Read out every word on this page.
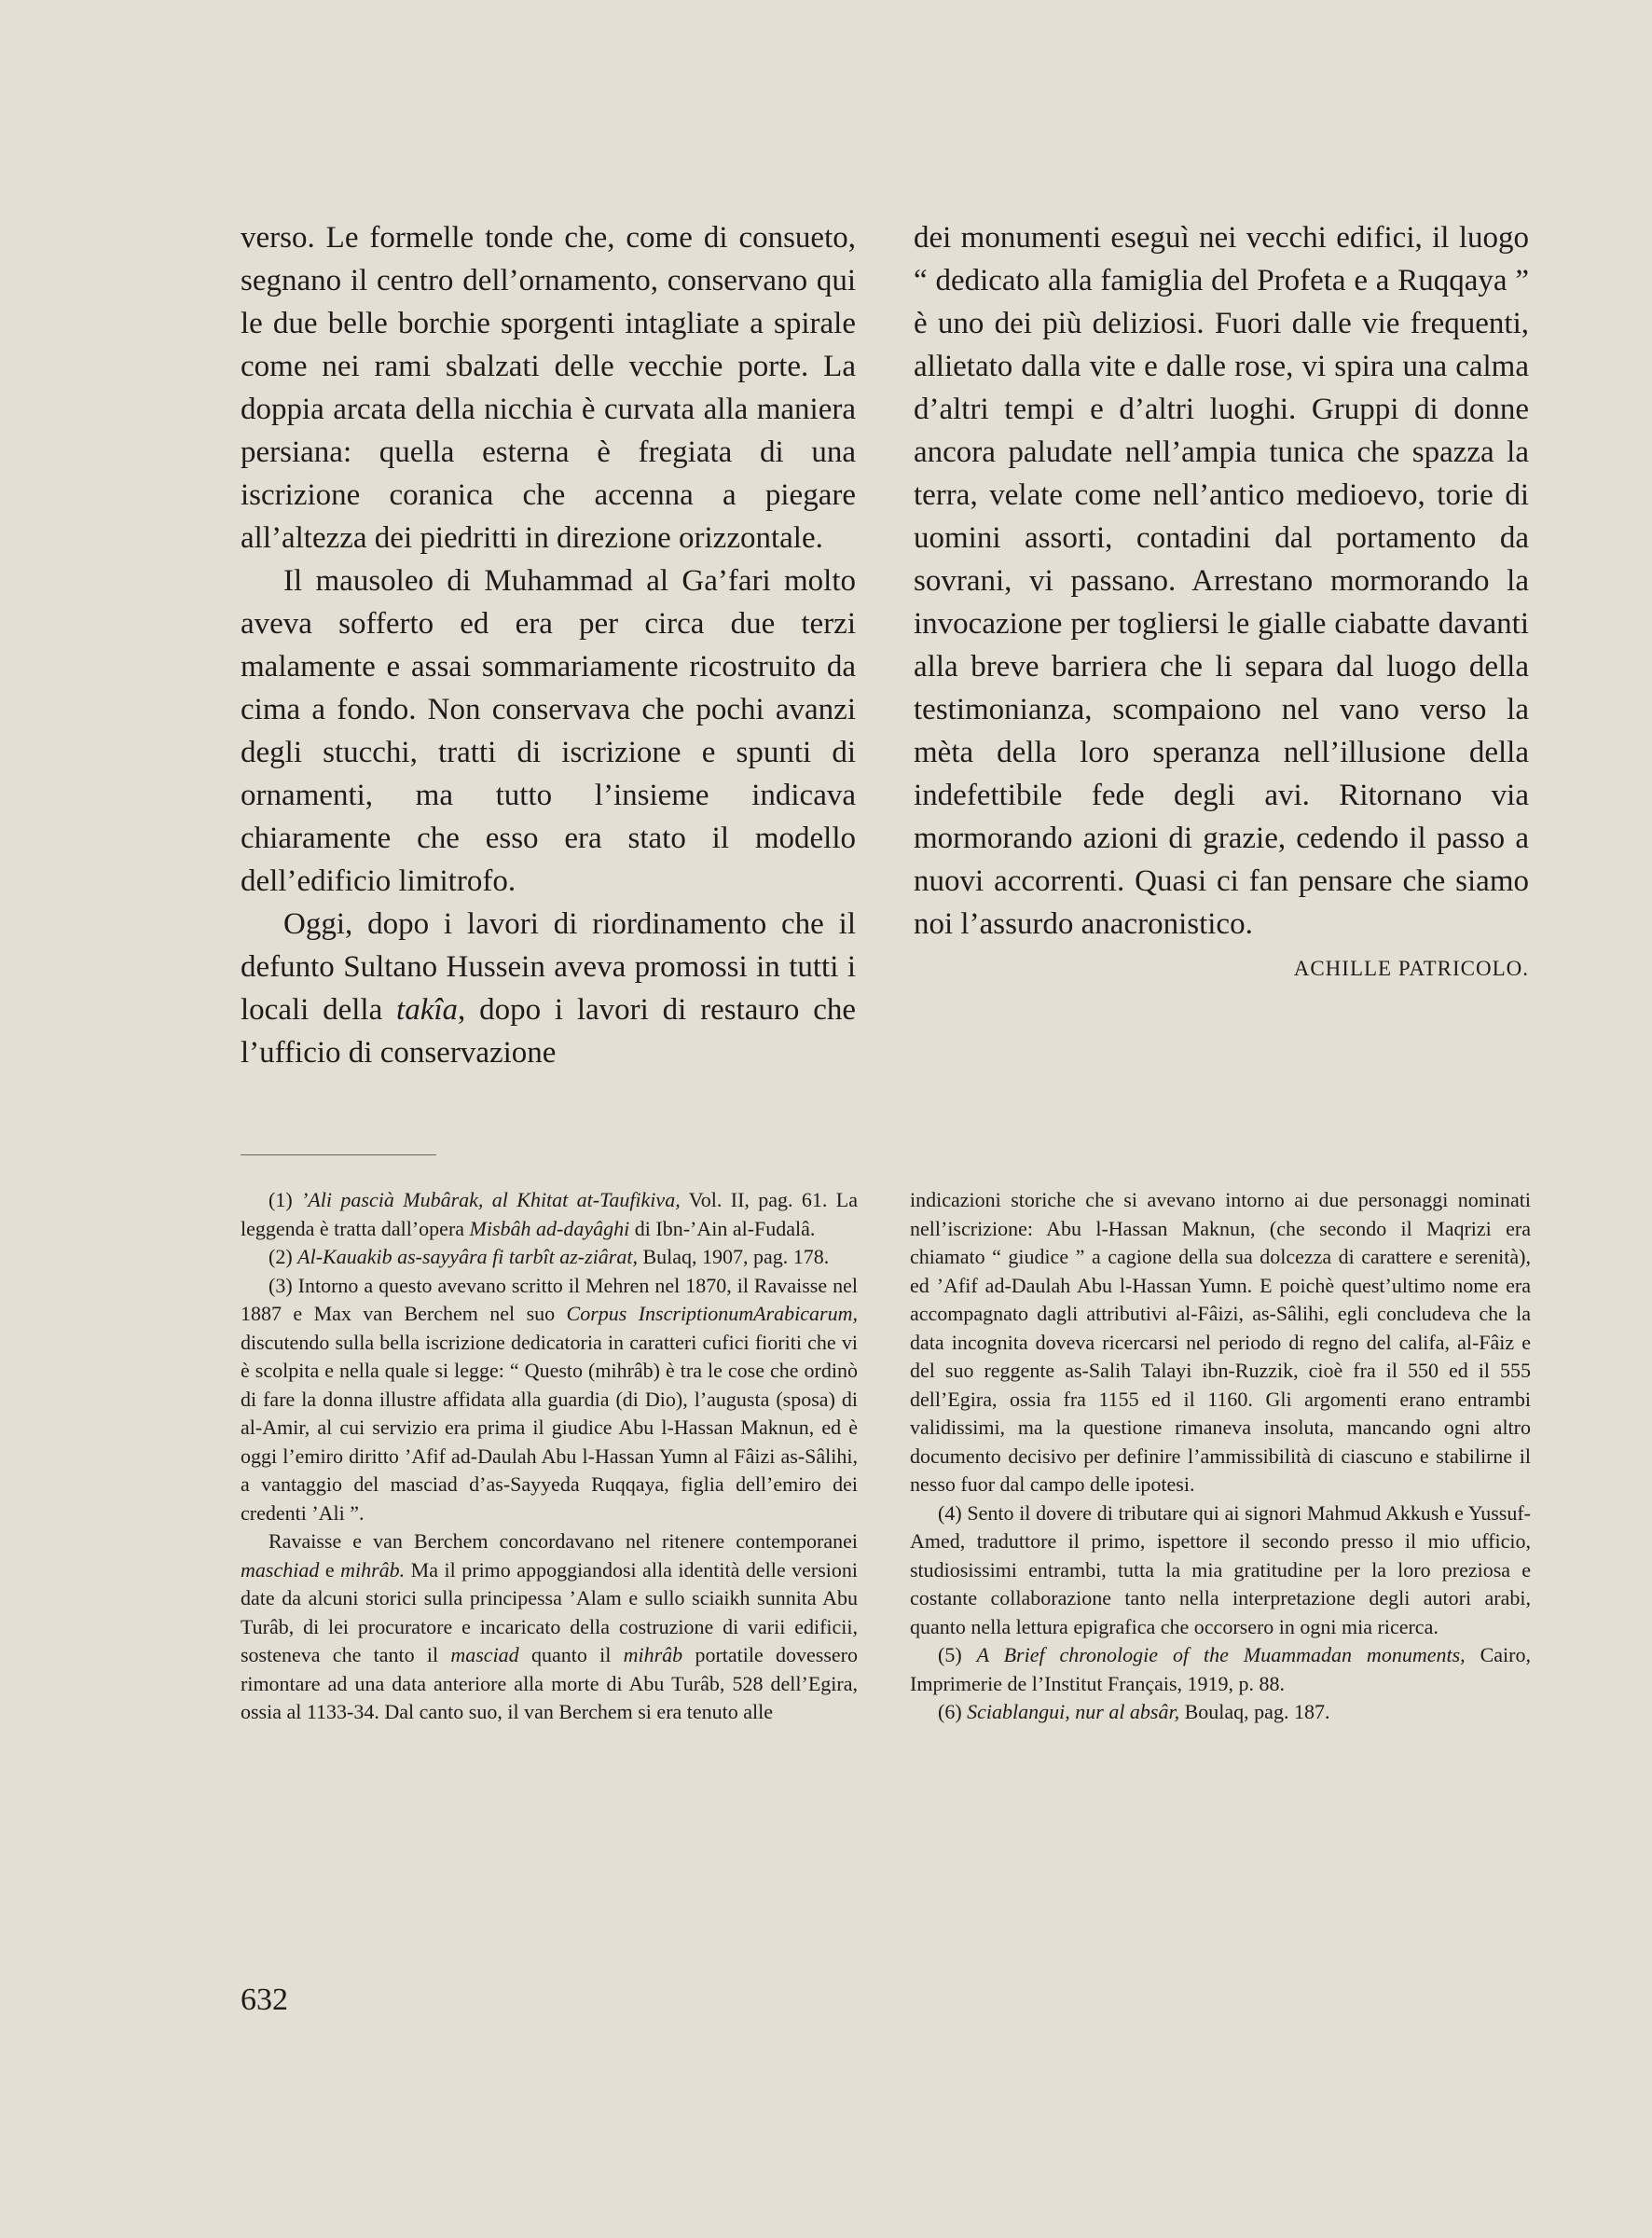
verso. Le formelle tonde che, come di consueto, segnano il centro dell’ornamento, conservano qui le due belle borchie sporgenti intagliate a spirale come nei rami sbalzati delle vecchie porte. La doppia arcata della nicchia è curvata alla maniera persiana: quella esterna è fregiata di una iscrizione coranica che accenna a piegare all’altezza dei piedritti in direzione orizzontale.

Il mausoleo di Muhammad al Ga’fari molto aveva sofferto ed era per circa due terzi malamente e assai sommariamente ricostruito da cima a fondo. Non conservava che pochi avanzi degli stucchi, tratti di iscrizione e spunti di ornamenti, ma tutto l’insieme indicava chiaramente che esso era stato il modello dell’edificio limitrofo.

Oggi, dopo i lavori di riordinamento che il defunto Sultano Hussein aveva promossi in tutti i locali della takîa, dopo i lavori di restauro che l’ufficio di conservazione

dei monumenti eseguì nei vecchi edifici, il luogo “ dedicato alla famiglia del Profeta e a Ruqqaya ” è uno dei più deliziosi. Fuori dalle vie frequenti, allietato dalla vite e dalle rose, vi spira una calma d’altri tempi e d’altri luoghi. Gruppi di donne ancora paludate nell’ampia tunica che spazza la terra, velate come nell’antico medioevo, torie di uomini assorti, contadini dal portamento da sovrani, vi passano. Arrestano mormorando la invocazione per togliersi le gialle ciabatte davanti alla breve barriera che li separa dal luogo della testimonianza, scompaiono nel vano verso la mèta della loro speranza nell’illusione della indefettibile fede degli avi. Ritornano via mormorando azioni di grazie, cedendo il passo a nuovi accorrenti. Quasi ci fan pensare che siamo noi l’assurdo anacronistico.

ACHILLE PATRICOLO.

(1) ’Ali pascià Mubârak, al Khitat at-Taufikiva, Vol. II, pag. 61. La leggenda è tratta dall’opera Misbâh ad-dayâghi di Ibn-’Ain al-Fudalâ.

(2) Al-Kauakib as-sayyâra fi tarbît az-ziârat, Bulaq, 1907, pag. 178.

(3) Intorno a questo avevano scritto il Mehren nel 1870, il Ravaisse nel 1887 e Max van Berchem nel suo Corpus InscriptionumArabicarum, discutendo sulla bella iscrizione dedicatoria in caratteri cufici fioriti che vi è scolpita e nella quale si legge: “ Questo (mihrâb) è tra le cose che ordinò di fare la donna illustre affidata alla guardia (di Dio), l’augusta (sposa) di al-Amir, al cui servizio era prima il giudice Abu l-Hassan Maknun, ed è oggi l’emiro diritto ’Afif ad-Daulah Abu l-Hassan Yumn al Fâizi as-Sâlihi, a vantaggio del masciad d’as-Sayyeda Ruqqaya, figlia dell’emiro dei credenti ’Ali ”.

Ravaisse e van Berchem concordavano nel ritenere contemporanei maschiad e mihrâb. Ma il primo appoggiandosi alla identità delle versioni date da alcuni storici sulla principessa ’Alam e sullo sciaikh sunnita Abu Turâb, di lei procuratore e incaricato della costruzione di varii edificii, sosteneva che tanto il masciad quanto il mihrâb portatile dovessero rimontare ad una data anteriore alla morte di Abu Turâb, 528 dell’Egira, ossia al 1133-34. Dal canto suo, il van Berchem si era tenuto alle

indicazioni storiche che si avevano intorno ai due personaggi nominati nell’iscrizione: Abu l-Hassan Maknun, (che secondo il Maqrizi era chiamato “ giudice ” a cagione della sua dolcezza di carattere e serenità), ed ’Afif ad-Daulah Abu l-Hassan Yumn. E poichè quest’ultimo nome era accompagnato dagli attributivi al-Fâizi, as-Sâlihi, egli concludeva che la data incognita doveva ricercarsi nel periodo di regno del califa, al-Fâiz e del suo reggente as-Salih Talayi ibn-Ruzzik, cioè fra il 550 ed il 555 dell’Egira, ossia fra 1155 ed il 1160. Gli argomenti erano entrambi validissimi, ma la questione rimaneva insoluta, mancando ogni altro documento decisivo per definire l’ammissibilità di ciascuno e stabilirne il nesso fuor dal campo delle ipotesi.

(4) Sento il dovere di tributare qui ai signori Mahmud Akkush e Yussuf-Amed, traduttore il primo, ispettore il secondo presso il mio ufficio, studiosissimi entrambi, tutta la mia gratitudine per la loro preziosa e costante collaborazione tanto nella interpretazione degli autori arabi, quanto nella lettura epigrafica che occorsero in ogni mia ricerca.

(5) A Brief chronologie of the Muammadan monuments, Cairo, Imprimerie de l’Institut Français, 1919, p. 88.

(6) Sciablangui, nur al absâr, Boulaq, pag. 187.

632
